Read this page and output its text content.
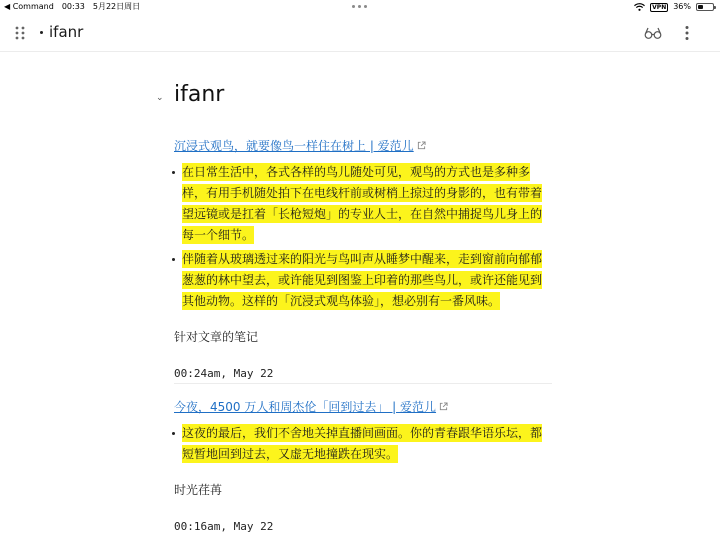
◀ Command 00:33 5月22日周日	VPN 36%
ifanr
⌄ ifanr
沉浸式观鸟，就要像鸟一样住在树上 | 爱范儿
在日常生活中，各式各样的鸟儿随处可见，观鸟的方式也是多种多样，有用手机随处拍下在电线杆前或树梢上掠过的身影的，也有带着望远镜或是扛着「长枪短炮」的专业人士，在自然中捕捉鸟儿身上的每一个细节。
伴随着从玻璃透过来的阳光与鸟叫声从睡梦中醒来，走到窗前向郁郁葱葱的林中望去，或许能见到图鉴上印着的那些鸟儿，或许还能见到其他动物。这样的「沉浸式观鸟体验」，想必别有一番风味。
针对文章的笔记
00:24am, May 22
今夜，4500 万人和周杰伦「回到过去」 | 爱范儿
这夜的最后，我们不舍地关掉直播间画面。你的青春跟华语乐坛，都短暂地回到过去，又虚无地撞跌在现实。
时光荏苒
00:16am, May 22
